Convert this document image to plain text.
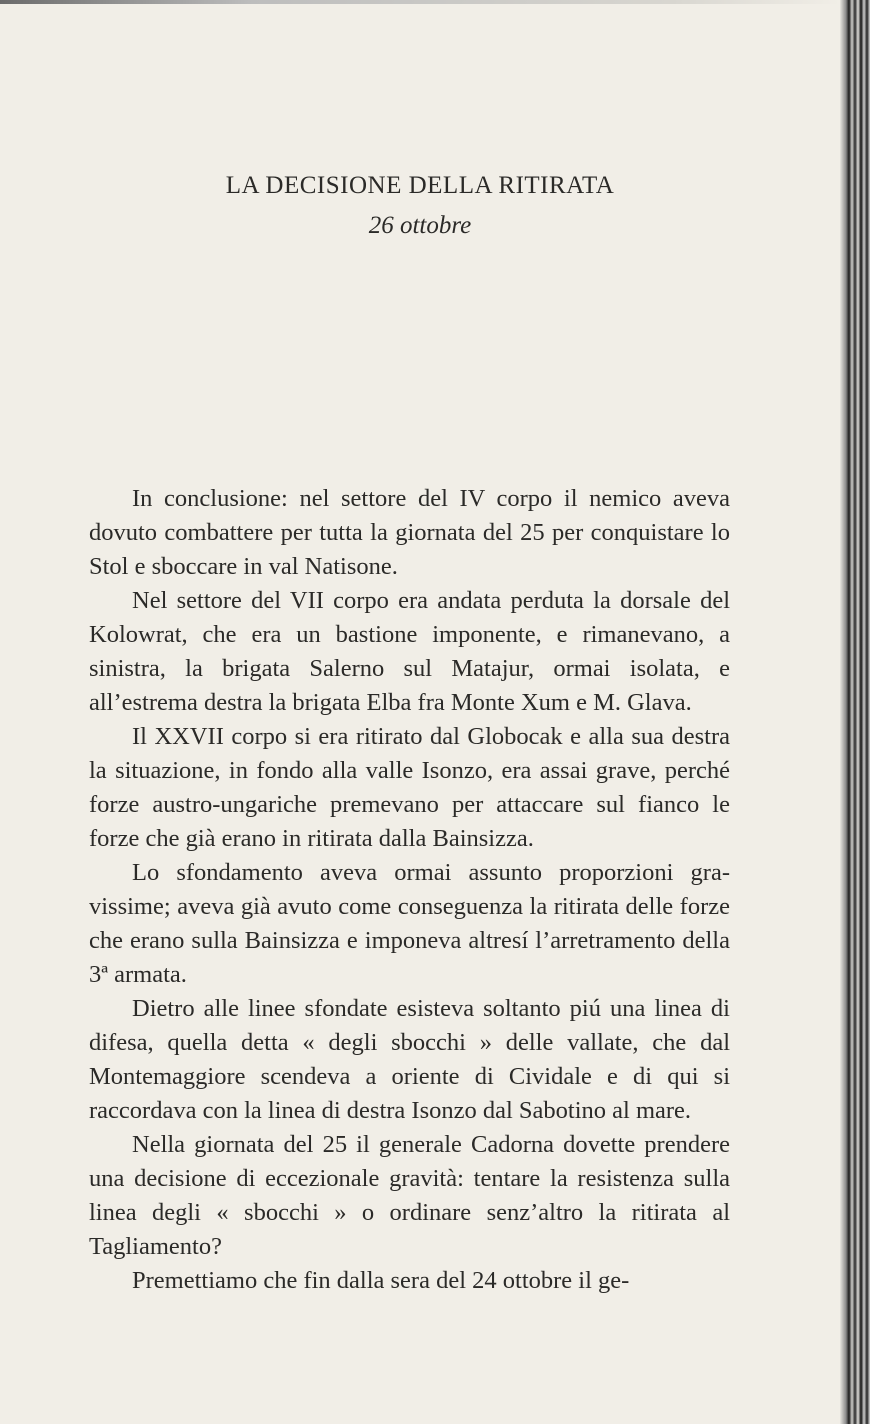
LA DECISIONE DELLA RITIRATA
26 ottobre

In conclusione: nel settore del IV corpo il nemico aveva dovuto combattere per tutta la giornata del 25 per conquistare lo Stol e sboccare in val Natisone.

Nel settore del VII corpo era andata perduta la dorsale del Kolowrat, che era un bastione imponente, e rimanevano, a sinistra, la brigata Salerno sul Matajur, ormai isolata, e all’estrema destra la brigata Elba fra Monte Xum e M. Glava.

Il XXVII corpo si era ritirato dal Globocak e alla sua destra la situazione, in fondo alla valle Isonzo, era assai grave, perché forze austro-ungariche premevano per attaccare sul fianco le forze che già erano in ritirata dalla Bainsizza.

Lo sfondamento aveva ormai assunto proporzioni gravissime; aveva già avuto come conseguenza la ritirata delle forze che erano sulla Bainsizza e imponeva altresí l’arretramento della 3ª armata.

Dietro alle linee sfondate esisteva soltanto piú una linea di difesa, quella detta « degli sbocchi » delle vallate, che dal Montemaggiore scendeva a oriente di Cividale e di qui si raccordava con la linea di destra Isonzo dal Sabotino al mare.

Nella giornata del 25 il generale Cadorna dovette prendere una decisione di eccezionale gravità: tentare la resistenza sulla linea degli « sbocchi » o ordinare senz’altro la ritirata al Tagliamento?

Premettiamo che fin dalla sera del 24 ottobre il ge-
